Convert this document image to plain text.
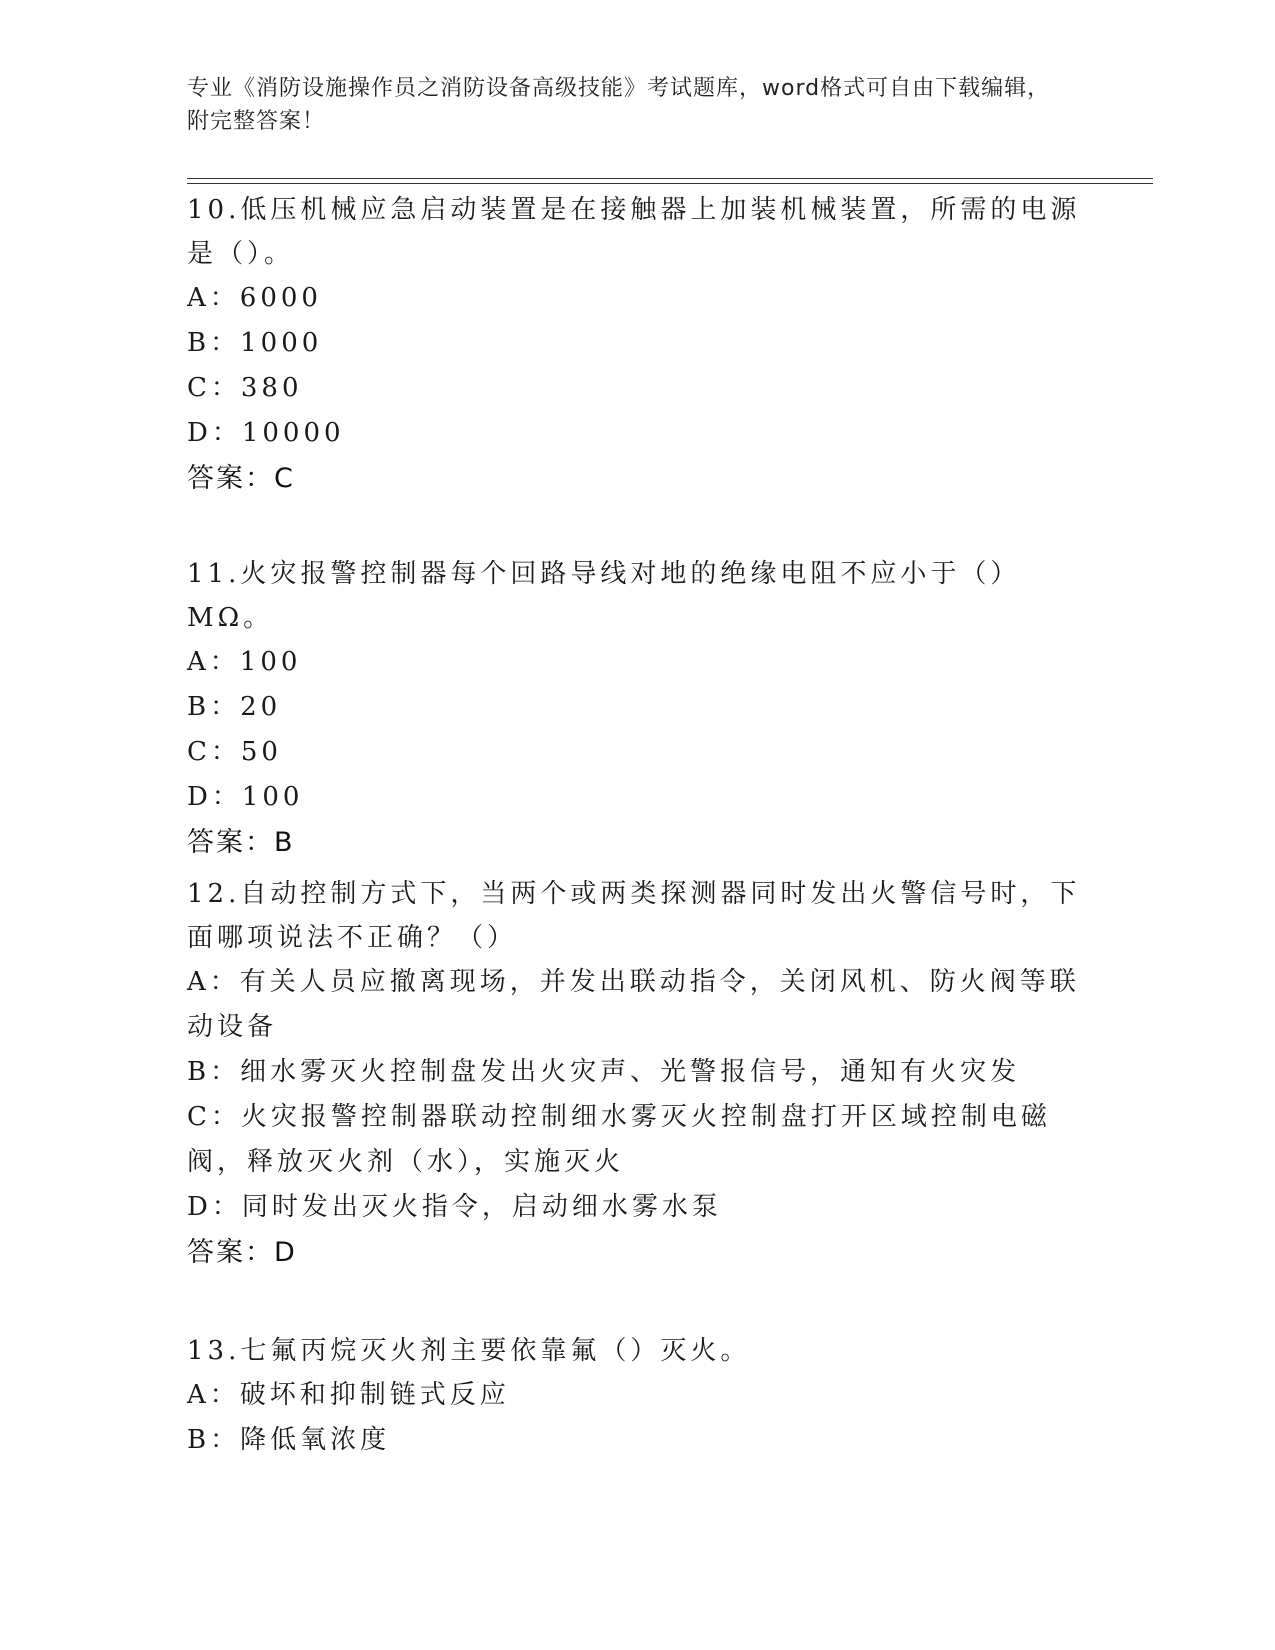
专业《消防设施操作员之消防设备高级技能》考试题库，word格式可自由下载编辑，附完整答案！

10.低压机械应急启动装置是在接触器上加装机械装置，所需的电源是（）。

A：6000

B：1000

C：380

D：10000

答案：C

11.火灾报警控制器每个回路导线对地的绝缘电阻不应小于（）MΩ。

A：100

B：20

C：50

D：100

答案：B

12.自动控制方式下，当两个或两类探测器同时发出火警信号时，下面哪项说法不正确？（）

A：有关人员应撤离现场，并发出联动指令，关闭风机、防火阀等联动设备

B：细水雾灭火控制盘发出火灾声、光警报信号，通知有火灾发

C：火灾报警控制器联动控制细水雾灭火控制盘打开区域控制电磁阀，释放灭火剂（水），实施灭火

D：同时发出灭火指令，启动细水雾水泵

答案：D

13.七氟丙烷灭火剂主要依靠氟（）灭火。

A：破坏和抑制链式反应

B：降低氧浓度
